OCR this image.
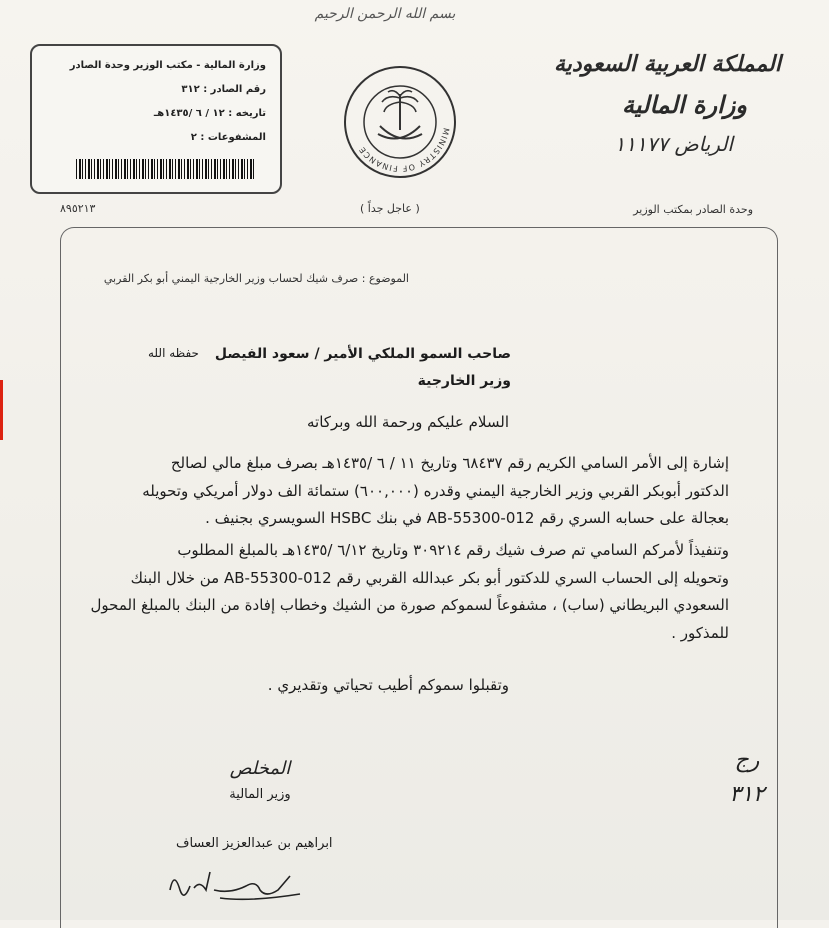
بسم الله الرحمن الرحيم
وزارة المالية - مكتب الوزير وحدة الصادر
رقم الصادر : ٣١٢
تاريخه : ١٢ / ٦ /١٤٣٥هـ
المشفوعات : ٢
٨٩٥٢١٣
MINISTRY OF FINANCE
( عاجل جداً )
المملكة العربية السعودية
وزارة المالية
الرياض ١١١٧٧
وحدة الصادر بمكتب الوزير
الموضوع : صرف شيك لحساب وزير الخارجية اليمني أبو بكر القربي
صاحب السمو الملكي الأمير / سعود الفيصل
حفظه الله
وزير الخارجية
السلام عليكم ورحمة الله وبركاته
إشارة إلى الأمر السامي الكريم رقم ٦٨٤٣٧ وتاريخ ١١ / ٦ /١٤٣٥هـ بصرف مبلغ مالي لصالح
الدكتور أبوبكر القربي وزير الخارجية اليمني وقدره (٦٠٠,٠٠٠) ستمائة الف دولار أمريكي وتحويله
بعجالة على حسابه السري رقم 012-55300-AB في بنك HSBC السويسري بجنيف .
وتنفيذاً لأمركم السامي تم صرف شيك رقم ٣٠٩٢١٤ وتاريخ ٦/١٢ /١٤٣٥هـ بالمبلغ المطلوب
وتحويله إلى الحساب السري للدكتور أبو بكر عبدالله القربي رقم 012-55300-AB من خلال البنك
السعودي البريطاني (ساب) ، مشفوعاً لسموكم صورة من الشيك وخطاب إفادة من البنك بالمبلغ المحول
للمذكور .
وتقبلوا سموكم أطيب تحياتي وتقديري .
رج
٣١٢
المخلص
وزير المالية
ابراهيم بن عبدالعزيز العساف
